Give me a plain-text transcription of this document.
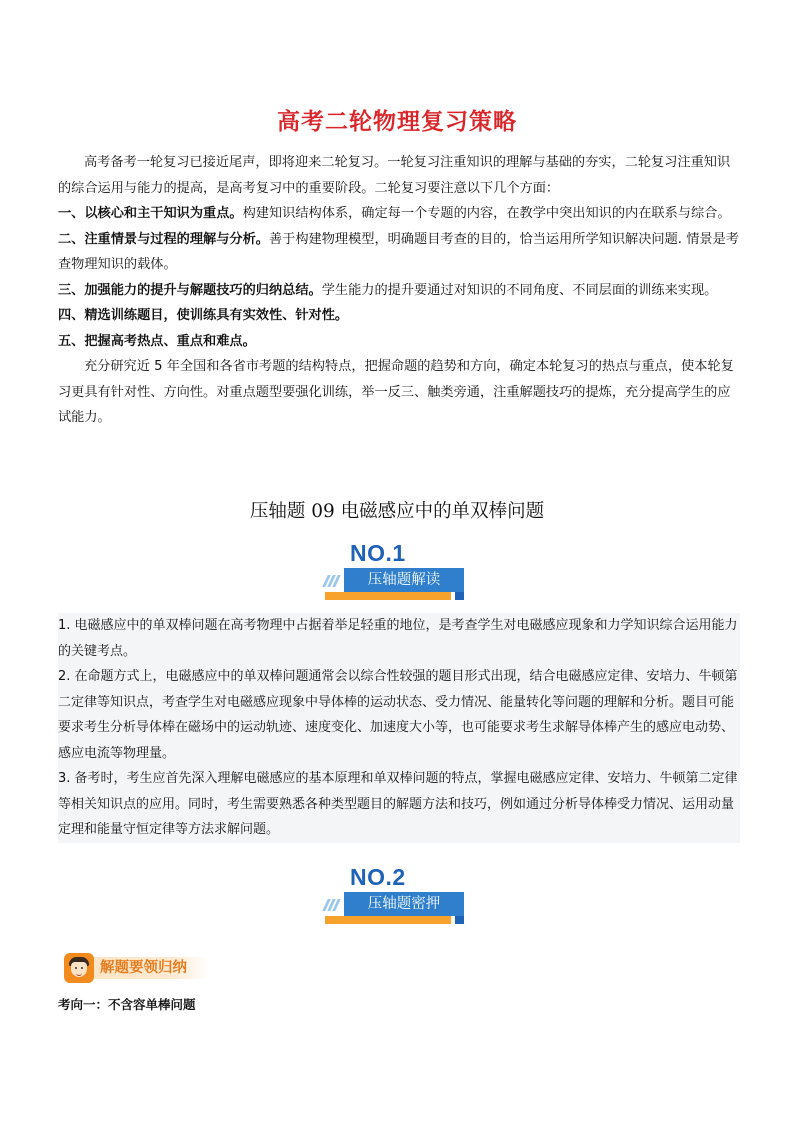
高考二轮物理复习策略

高考备考一轮复习已接近尾声，即将迎来二轮复习。一轮复习注重知识的理解与基础的夯实，二轮复习注重知识的综合运用与能力的提高，是高考复习中的重要阶段。二轮复习要注意以下几个方面：

一、以核心和主干知识为重点。构建知识结构体系，确定每一个专题的内容，在教学中突出知识的内在联系与综合。

二、注重情景与过程的理解与分析。善于构建物理模型，明确题目考查的目的，恰当运用所学知识解决问题. 情景是考查物理知识的载体。

三、加强能力的提升与解题技巧的归纳总结。学生能力的提升要通过对知识的不同角度、不同层面的训练来实现。

四、精选训练题目，使训练具有实效性、针对性。

五、把握高考热点、重点和难点。

充分研究近 5 年全国和各省市考题的结构特点，把握命题的趋势和方向，确定本轮复习的热点与重点，使本轮复习更具有针对性、方向性。对重点题型要强化训练，举一反三、触类旁通，注重解题技巧的提炼，充分提高学生的应试能力。

压轴题 09 电磁感应中的单双棒问题
NO.1
压轴题解读

1. 电磁感应中的单双棒问题在高考物理中占据着举足轻重的地位，是考查学生对电磁感应现象和力学知识综合运用能力的关键考点。

2. 在命题方式上，电磁感应中的单双棒问题通常会以综合性较强的题目形式出现，结合电磁感应定律、安培力、牛顿第二定律等知识点，考查学生对电磁感应现象中导体棒的运动状态、受力情况、能量转化等问题的理解和分析。题目可能要求考生分析导体棒在磁场中的运动轨迹、速度变化、加速度大小等，也可能要求考生求解导体棒产生的感应电动势、感应电流等物理量。

3. 备考时，考生应首先深入理解电磁感应的基本原理和单双棒问题的特点，掌握电磁感应定律、安培力、牛顿第二定律等相关知识点的应用。同时，考生需要熟悉各种类型题目的解题方法和技巧，例如通过分析导体棒受力情况、运用动量定理和能量守恒定律等方法求解问题。

NO.2
压轴题密押
解题要领归纳
考向一：不含容单棒问题
